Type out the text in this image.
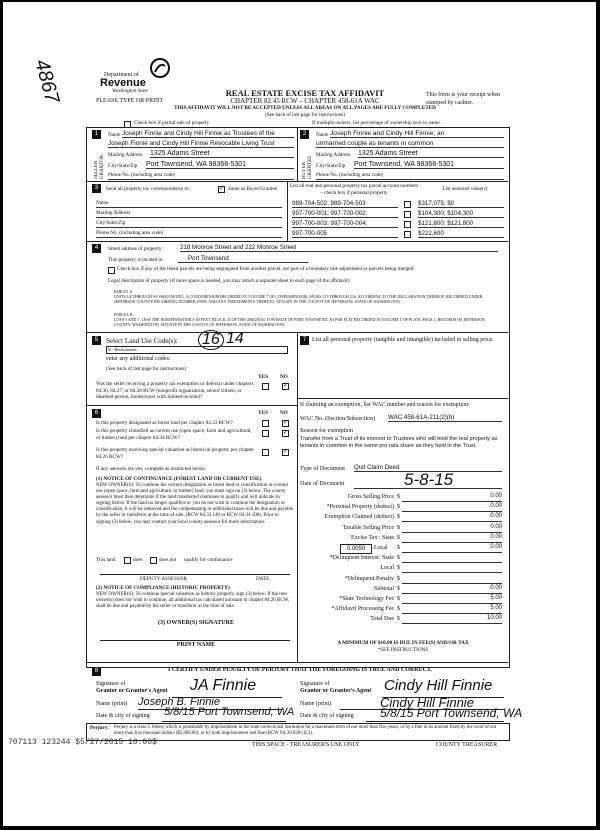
4867	Department of
Revenue
Washington State
PLEASE TYPE OR PRINT
REAL ESTATE EXCISE TAX AFFIDAVIT
CHAPTER 82.45 RCW – CHAPTER 458-61A WAC
THIS AFFIDAVIT WILL NOT BE ACCEPTED UNLESS ALL AREAS ON ALL PAGES ARE FULLY COMPLETED
(See back of last page for instructions)
This form is your receipt when stamped by cashier.
Check box if partial sale of property	If multiple owners, list percentage of ownership next to name.
1	2
SELLER GRANTOR	BUYER GRANTEE
Name Joseph Finnie and Cindy Hill Finnie as Trustees of the
Joseph Finnie and Cindy Hill Finnie Revocable Living Trust
Mailing Address 1325 Adams Street
City/State/Zip Port Townsend, WA 98368-5301
Phone No. (including area code)
Name Joseph Finnie and Cindy Hill Finnie; an
unmarried couple as tenants in common
Mailing Address 1325 Adams Street
City/State/Zip Port Townsend, WA 98368-5301
Phone No. (including area code)
3	Send all property tax correspondence to:	✓ Same as Buyer/Grantee
Name
Mailing Address
City/State/Zip
Phone No. (including area code)
List all real and personal property tax parcel account numbers – check box if personal property
List assessed value(s)
989-704-502; 989-704-503	$317,075; $0
997-700-001; 997-700-002;	$104,300; $104,300
997-700-003; 997-700-004;	$121,800; $121,800
997-700-005	$222,600
4	Street address of property:	218 Monroe Street and 222 Monroe Street
This property is located in	Port Townsend
Check box if any of the listed parcels are being segregated from another parcel, are part of a boundary line adjustment or parcels being merged.
Legal description of property (if more space is needed, you may attach a separate sheet to each page of the affidavit)
PARCEL A
UNITS 1A THROUGH 9A SWAN HOTEL, A CONDOMINIUM RECORDED IN VOLUME 7 OF CONDOMINIUMS, PAGES 213 THROUGH 216, ACCORDING TO THE DECLARATION THEREOF, RECORDED UNDER JEFFERSON COUNTY RECORDING NUMBER 23909, AND ANY AMENDMENTS THERETO, SITUATE IN THE COUNTY OF JEFFERSON, STATE OF WASHINGTON.
PARCEL B
LOTS 5 AND 7, LESS THE NORTHWESTERLY 60 FEET, BLOCK 45 OF THE ORIGINAL TOWNSITE OF PORT TOWNSEND, AS PER PLAT RECORDED IN VOLUME 1 OF PLATS, PAGE 1, RECORDS OF JEFFERSON COUNTY, WASHINGTON. SITUATE IN THE COUNTY OF JEFFERSON, STATE OF WASHINGTON.
5	Select Land Use Code(s): 16 14
16 - Hotels/motels
enter any additional codes:
(See back of last page for instructions)
YES NO
Was the seller receiving a property tax exemption or deferral under chapters 84.36, 84.37, or 84.38 RCW (nonprofit organization, senior citizen, or disabled person, homeowner with limited income)?
✓
6	YES NO
Is this property designated as forest land per chapter 84.33 RCW?	✓
Is this property classified as current use (open space, farm and agricultural, or timber) land per chapter 84.34 RCW?
✓
Is this property receiving special valuation as historical property per chapter 84.26 RCW?
✓
If any answers are yes, complete as instructed below.
(1) NOTICE OF CONTINUANCE (FOREST LAND OR CURRENT USE)
NEW OWNER(S): To continue the current designation as forest land or classification as current use (open space, farm and agriculture, or timber) land, you must sign on (3) below. The county assessor must then determine if the land transferred continues to qualify and will indicate by signing below. If the land no longer qualifies or you do not wish to continue the designation or classification, it will be removed and the compensating or additional taxes will be due and payable by the seller or transferor at the time of sale. (RCW 84.33.140 or RCW 84.34.108). Prior to signing (3) below, you may contact your local county assessor for more information.
This land	does	does not qualify for continuance
DEPUTY ASSESSOR	DATE
(2) NOTICE OF COMPLIANCE (HISTORIC PROPERTY)
NEW OWNER(S): To continue special valuation as historic property, sign (3) below. If the new owner(s) does not wish to continue, all additional tax calculated pursuant to chapter 84.26 RCW, shall be due and payable by the seller or transferor at the time of sale.
(3) OWNER(S) SIGNATURE
PRINT NAME
7 List all personal property (tangible and intangible) included in selling price.
If claiming an exemption, list WAC number and reason for exemption:
WAC No. (Section/Subsection) WAC 458-61A-211(2)(b)
Reason for exemption
Transfer from a Trust of its interest to Trustees who will hold the real property as tenants in common in the same pro rata share as they held in the Trust.
Type of Document Quit Claim Deed
Date of Document	5-8-15
Gross Selling Price $	0.00
*Personal Property (deduct) $	0.00
Exemption Claimed (deduct) $	0.00
Taxable Selling Price $	0.00
Excise Tax : State $	0.00
0.0050	Local $	0.00
*Delinquent Interest: State $
Local $
*Delinquent Penalty $
Subtotal $	0.00
*State Technology Fee $	5.00
*Affidavit Processing Fee $	5.00
Total Due $	10.00
A MINIMUM OF $10.00 IS DUE IN FEE(S) AND/OR TAX
*SEE INSTRUCTIONS
8	I CERTIFY UNDER PENALTY OF PERJURY THAT THE FOREGOING IS TRUE AND CORRECT.
Signature of
Grantor or Grantor's Agent JA Finnie
Name (print) Joseph B. Finnie
Date & city of signing 5/8/15 Port Townsend, WA
Signature of
Grantor or Grantee's Agent Cindy Hill Finnie
Name (print)	Cindy Hill Finnie
Date & city of signing 5/8/15 Port Townsend, WA
Perjury: Perjury is a class C felony which is punishable by imprisonment in the state correctional institution for a maximum term of not more than five years, or by a fine in an amount fixed by the court of not more than five thousand dollars ($5,000.00), or by both imprisonment and fine (RCW 9A.20.020 (1C)).
707113 123244 $5/27/2015 10.00$	THIS SPACE - TREASURER'S USE ONLY	COUNTY TREASURER
